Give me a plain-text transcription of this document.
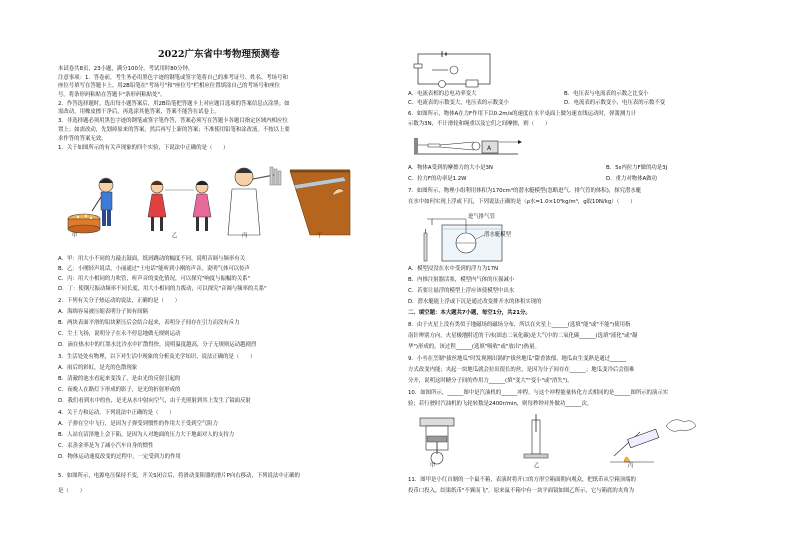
2022广东省中考物理预测卷
本试卷共8页，23小题，满分100分。考试用时80分钟。
注意事项：1．答卷前，考生务必用黑色字迹的钢笔或签字笔将自己的准考证号、姓名、考场号和
座位号填写在答题卡上。用2B铅笔在"考场号"和"座位号"栏相应位置填涂自己的考场号和座位
号。将条形码粘贴在答题卡"条形码粘贴处"。
2．作答选择题时，选出每小题答案后，用2B铅笔把答题卡上对应题目选项的答案信息点涂黑；如
需改动，用橡皮擦干净后，再选涂其他答案，答案不能答在试卷上。
3．非选择题必须用黑色字迹的钢笔或签字笔作答，答案必须写在答题卡各题目指定区域内相应位
置上；如需改动，先划掉原来的答案，然后再写上新的答案；不准使用铅笔和涂改液。不按以上要
求作答的答案无效。
1．关于如图所示的有关声现象的四个实验，下说法中正确的是（　　）
甲	乙	丙	丁
A．甲：用大小不同的力敲击鼓面，纸屑跳动的幅度不同，说明音调与频率有关
B．乙：小刚轻声说话，小丽通过"土电话"能听到小刚的声音，说明气体可以传声
C．丙：用大小相同的力吹管，听声音的变化情况，可以探究"响度与振幅的关系"
D．丁：使钢尺振动频率不同长度，用大小相同的力拨动，可以探究"音调与频率的关系"
2．下列有关分子热运动的说法，正确的是（　　）
A．海绵容易被压缩表明分子间有间隔
B．两块表面平滑的铅块紧压后会结合起来，表明分子间存在引力而没有斥力
C．尘土飞扬，说明分子在永不停息地做无规则运动
D．滴在热水中的红墨水比冷水中扩散得快，说明温度越高，分子无规则运动越剧烈
3．生活处处有物理，以下对生活中现象的分析及光学知识，说法正确的是（　　）
A．雨后的彩虹，是光的色散现象
B．清澈的池水看起来变浅了，是由光的反射引起的
C．夜晚人在路灯下形成的影子，是光的折射形成的
D．我们看到水中的鱼，是光从水中射向空气，由于光照射到其上发生了镜面反射
4．关于力和运动，下列说法中正确的是（　　）
A．子弹在空中飞行，是因为子弹受到惯性的作用大于受到空气阻力
B．人站在沼泽地上会下陷，是因为人对地面的压力大于地面对人的支持力
C．汞蒸金率是为了减小汽车自身的惯性
D．物体运动速度改变的过程中，一定受到力的作用
5．如图所示，电源电压保持不变，开关S闭合后，将滑动变阻器的滑片P向右移动，下列说法中正确的
是（　　）
A．电流表相的总电功率变大	B．电压表与电流表的示数之比变小
C．电流表的示数变大，电压表的示数变小	D．电流表的示数变小，电压表的示数不变
6．如图所示，物体A在力F作用下以0.2m/s的速度在水平桌面上做匀速直线运动时，弹簧测力计
示数为3N，不计滑轮和绳重以及它们之间摩擦，则（　　）
A
A．物体A受到的摩擦力的大小是3N	B．5s内拉力F做的功是3J
C．拉力F的功率是1.2W	D．重力对物体A做功
7．如图所示，物理小组利用体积为170cm³的潜水艇模型(忽略进气、排气管的体积)，探究潜水艇
在水中如何实现上浮或下沉，下列说法正确的是（ρ水=1.0×10³kg/m³，g取10N/kg）（　　）
进气排气管
潜水艇模型
A．模型浸没在水中受到的浮力为17N
B．内推注射器活塞，模型内气体的压强减小
C．若要让悬浮的模型上浮应该使模型中出水
D．潜水艇能上浮或下沉是通过改变排开水的体积实现的
二、填空题：本大题共7小题，每空1分，共21分。
8．由于火星上没有类似于地磁场的磁场分布，所以在火星上______(选填"能"或"不能")使用指
南针辨别方向。火星极地附近的干冰(固态二氧化碳)是大气中的二氧化碳______(选填"液化"或"凝
华")形成的，该过程______(选填"吸收"或"放出")热量。
9．小丞在烹制"拔丝地瓜"时发现刚出锅的"拔丝地瓜"甜香浓郁，地瓜由生变熟是通过______
方式改变内能；夹起一块地瓜就会拉出很长的丝，是因为分子间存在______；地瓜变冷后会很难
分开，说明这时糖分子间的作用力______(填"变大""变小"或"消失")。
10．如图所示，______图中是汽油机的______冲程，与这个冲程能量转化方式相同的是______图所示的演示实
验；若行驶时汽油机的飞轮转数是2400r/min，则每秒钟对外做功______次。
甲	乙	丙
11．图甲是小红自制的一个鼠不箱，表演时将开口的方形空箱面朝向观众，把纸币从空箱顶端的
投币口投入，结果纸币"不翼而飞"。原来鼠不箱中有一块平面镜如图乙所示，它与箱底的夹角为
